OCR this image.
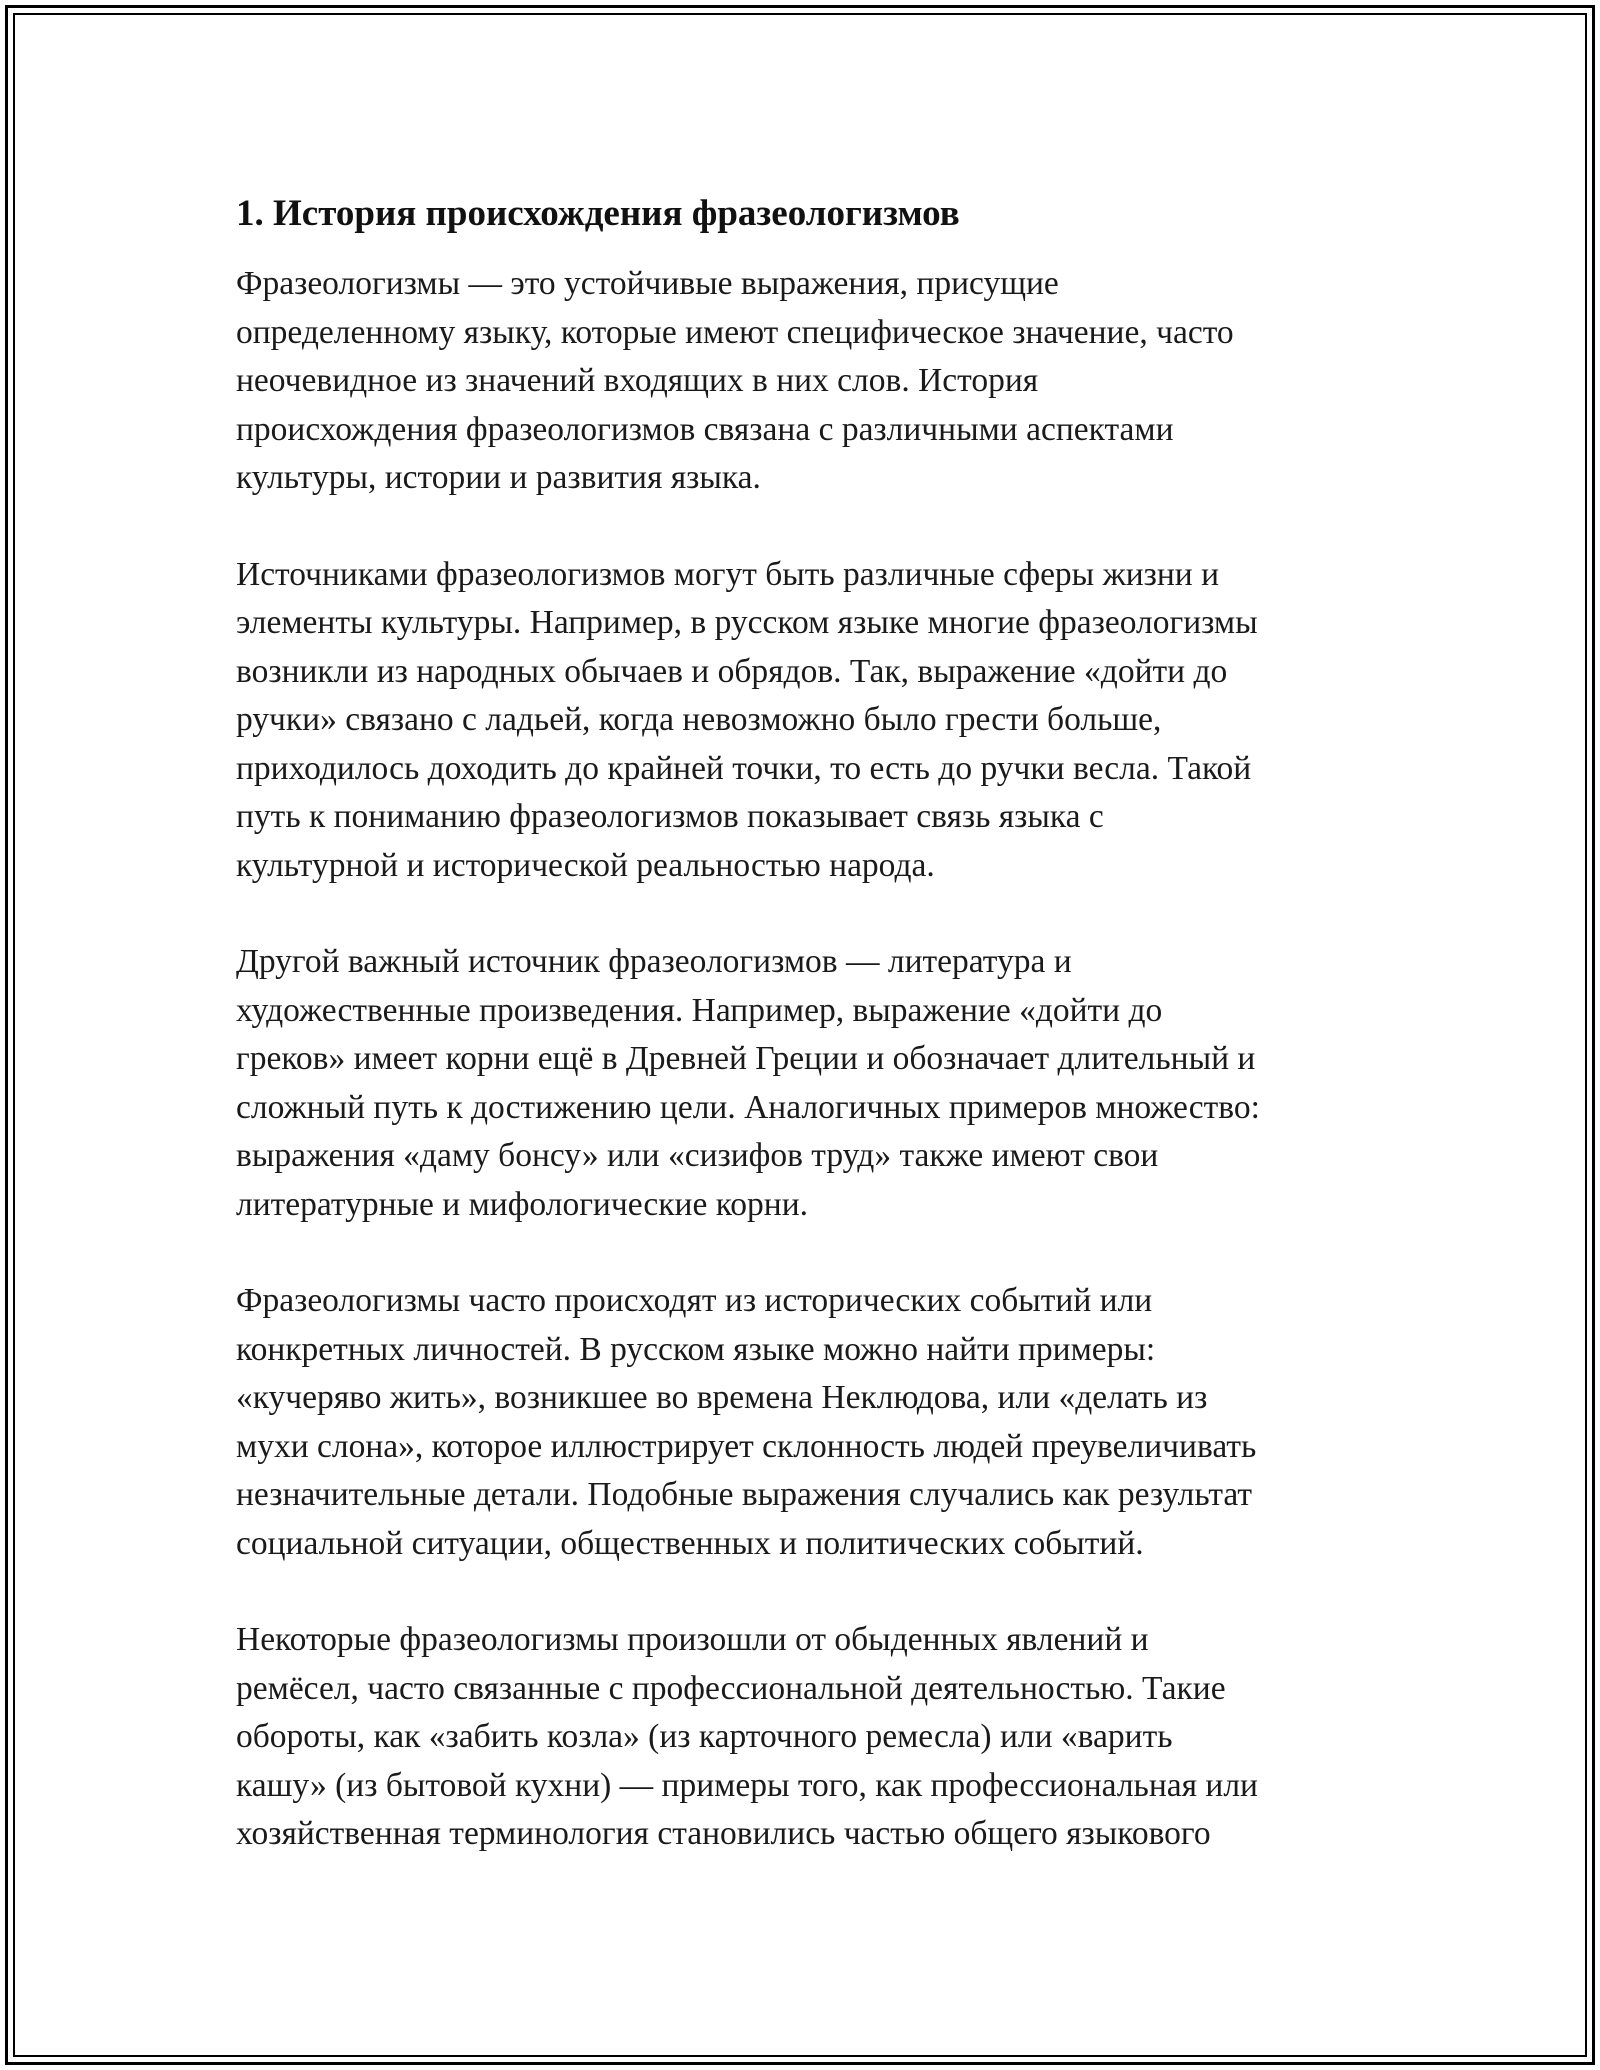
1. История происхождения фразеологизмов
Фразеологизмы — это устойчивые выражения, присущие
определенному языку, которые имеют специфическое значение, часто
неочевидное из значений входящих в них слов. История
происхождения фразеологизмов связана с различными аспектами
культуры, истории и развития языка.
Источниками фразеологизмов могут быть различные сферы жизни и
элементы культуры. Например, в русском языке многие фразеологизмы
возникли из народных обычаев и обрядов. Так, выражение «дойти до
ручки» связано с ладьей, когда невозможно было грести больше,
приходилось доходить до крайней точки, то есть до ручки весла. Такой
путь к пониманию фразеологизмов показывает связь языка с
культурной и исторической реальностью народа.
Другой важный источник фразеологизмов — литература и
художественные произведения. Например, выражение «дойти до
греков» имеет корни ещё в Древней Греции и обозначает длительный и
сложный путь к достижению цели. Аналогичных примеров множество:
выражения «даму бонсу» или «сизифов труд» также имеют свои
литературные и мифологические корни.
Фразеологизмы часто происходят из исторических событий или
конкретных личностей. В русском языке можно найти примеры:
«кучеряво жить», возникшее во времена Неклюдова, или «делать из
мухи слона», которое иллюстрирует склонность людей преувеличивать
незначительные детали. Подобные выражения случались как результат
социальной ситуации, общественных и политических событий.
Некоторые фразеологизмы произошли от обыденных явлений и
ремёсел, часто связанные с профессиональной деятельностью. Такие
обороты, как «забить козла» (из карточного ремесла) или «варить
кашу» (из бытовой кухни) — примеры того, как профессиональная или
хозяйственная терминология становились частью общего языкового
